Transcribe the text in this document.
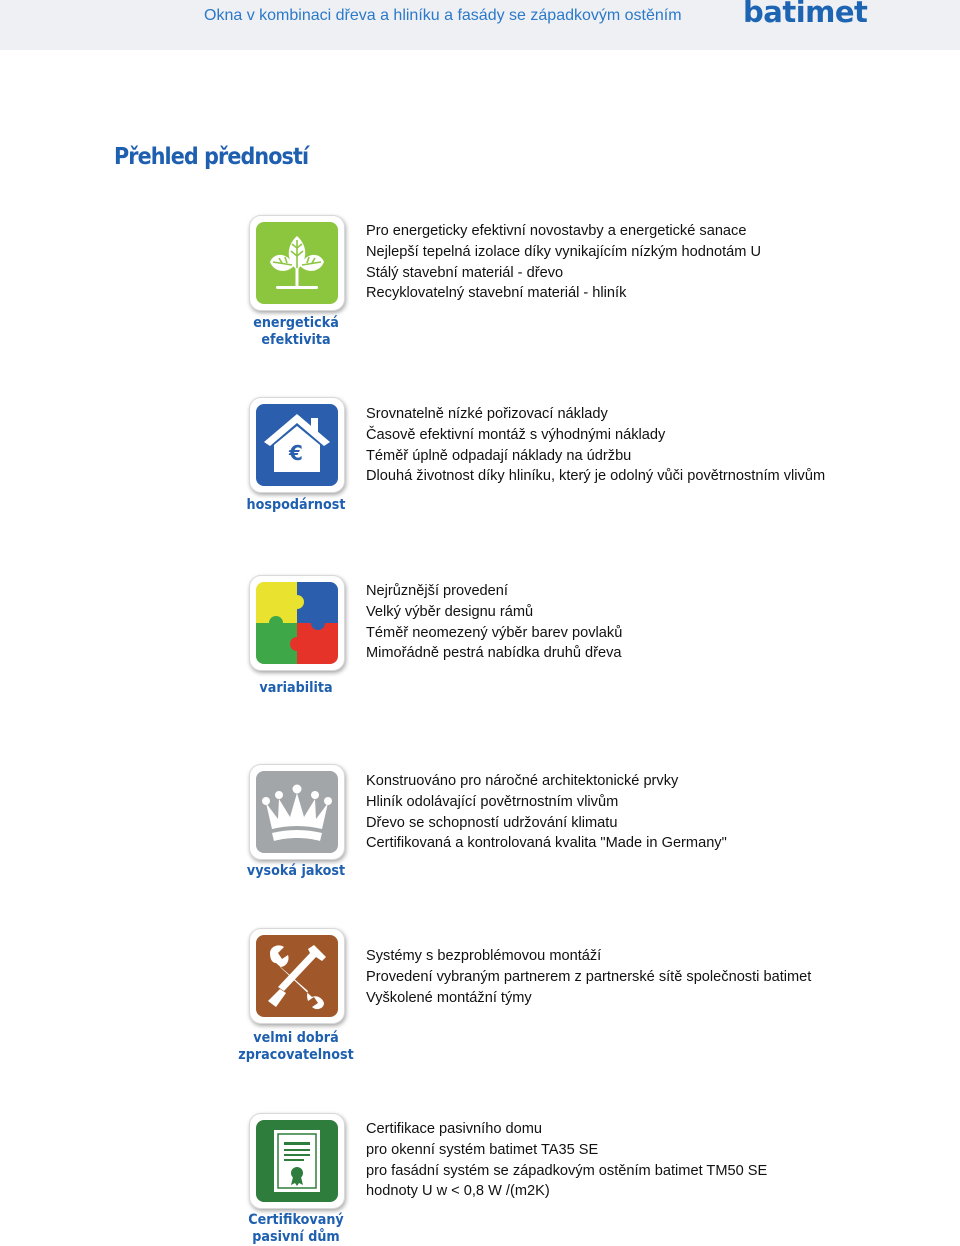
Okna v kombinaci dřeva a hliníku a fasády se západkovým ostěním batimet
Přehled předností
energetická
efektivita
Pro energeticky efektivní novostavby a energetické sanace
Nejlepší tepelná izolace díky vynikajícím nízkým hodnotám U
Stálý stavební materiál - dřevo
Recyklovatelný stavební materiál - hliník
€
hospodárnost
Srovnatelně nízké pořizovací náklady
Časově efektivní montáž s výhodnými náklady
Téměř úplně odpadají náklady na údržbu
Dlouhá životnost díky hliníku, který je odolný vůči povětrnostním vlivům
variabilita
Nejrůznější provedení
Velký výběr designu rámů
Téměř neomezený výběr barev povlaků
Mimořádně pestrá nabídka druhů dřeva
vysoká jakost
Konstruováno pro náročné architektonické prvky
Hliník odolávající povětrnostním vlivům
Dřevo se schopností udržování klimatu
Certifikovaná a kontrolovaná kvalita "Made in Germany"
velmi dobrá
zpracovatelnost
Systémy s bezproblémovou montáží
Provedení vybraným partnerem z partnerské sítě společnosti batimet
Vyškolené montážní týmy
Certifikovaný
pasivní dům
Certifikace pasivního domu
pro okenní systém batimet TA35 SE
pro fasádní systém se západkovým ostěním batimet TM50 SE
hodnoty U w < 0,8 W /(m2K)
